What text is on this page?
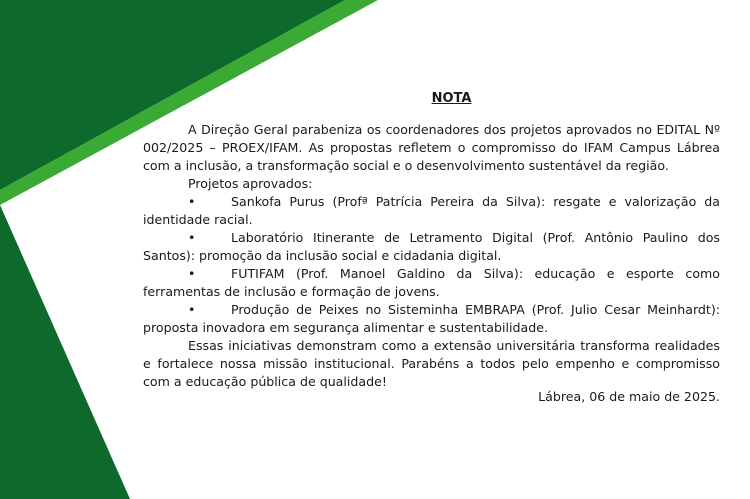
NOTA

A Direção Geral parabeniza os coordenadores dos projetos aprovados no EDITAL Nº 002/2025 – PROEX/IFAM. As propostas refletem o compromisso do IFAM Campus Lábrea com a inclusão, a transformação social e o desenvolvimento sustentável da região.

Projetos aprovados:

•	Sankofa Purus (Profª Patrícia Pereira da Silva): resgate e valorização da identidade racial.

•	Laboratório Itinerante de Letramento Digital (Prof. Antônio Paulino dos Santos): promoção da inclusão social e cidadania digital.

•	FUTIFAM (Prof. Manoel Galdino da Silva): educação e esporte como ferramentas de inclusão e formação de jovens.

•	Produção de Peixes no Sisteminha EMBRAPA (Prof. Julio Cesar Meinhardt): proposta inovadora em segurança alimentar e sustentabilidade.

Essas iniciativas demonstram como a extensão universitária transforma realidades e fortalece nossa missão institucional. Parabéns a todos pelo empenho e compromisso com a educação pública de qualidade!

Lábrea, 06 de maio de 2025.
